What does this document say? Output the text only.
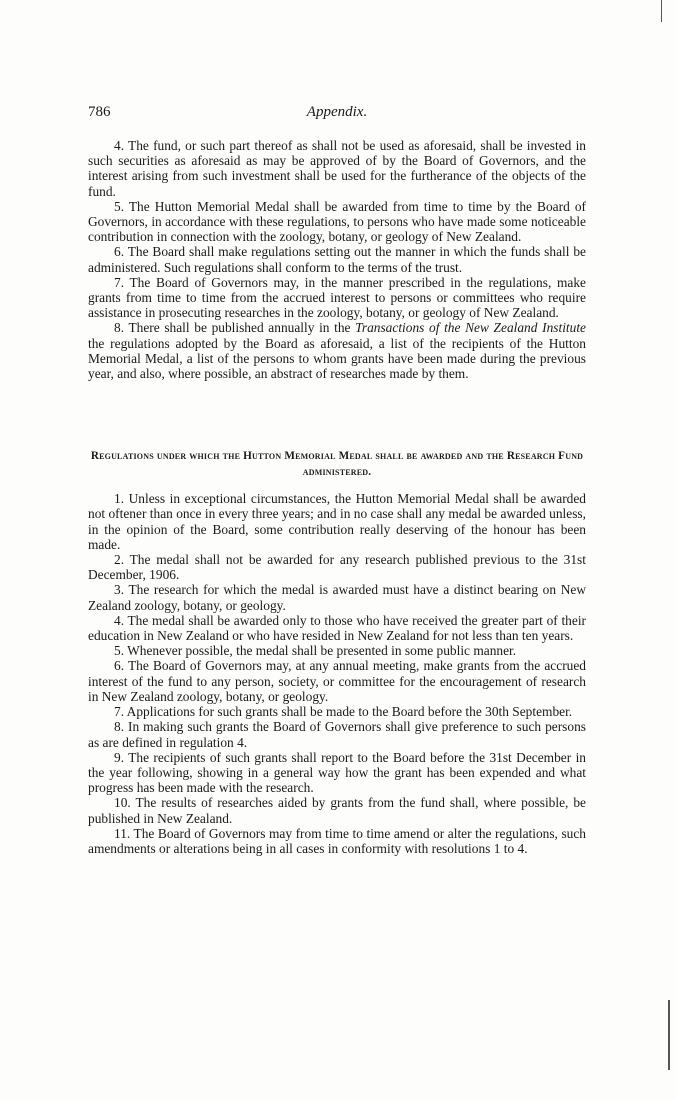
786	Appendix.

4. The fund, or such part thereof as shall not be used as aforesaid, shall be invested in such securities as aforesaid as may be approved of by the Board of Governors, and the interest arising from such investment shall be used for the furtherance of the objects of the fund.

5. The Hutton Memorial Medal shall be awarded from time to time by the Board of Governors, in accordance with these regulations, to persons who have made some noticeable contribution in connection with the zoology, botany, or geology of New Zealand.

6. The Board shall make regulations setting out the manner in which the funds shall be administered. Such regulations shall conform to the terms of the trust.

7. The Board of Governors may, in the manner prescribed in the regulations, make grants from time to time from the accrued interest to persons or committees who require assistance in prosecuting researches in the zoology, botany, or geology of New Zealand.

8. There shall be published annually in the Transactions of the New Zealand Institute the regulations adopted by the Board as aforesaid, a list of the recipients of the Hutton Memorial Medal, a list of the persons to whom grants have been made during the previous year, and also, where possible, an abstract of researches made by them.

Regulations under which the Hutton Memorial Medal shall be awarded and the Research Fund administered.

1. Unless in exceptional circumstances, the Hutton Memorial Medal shall be awarded not oftener than once in every three years; and in no case shall any medal be awarded unless, in the opinion of the Board, some contribution really deserving of the honour has been made.

2. The medal shall not be awarded for any research published previous to the 31st December, 1906.

3. The research for which the medal is awarded must have a distinct bearing on New Zealand zoology, botany, or geology.

4. The medal shall be awarded only to those who have received the greater part of their education in New Zealand or who have resided in New Zealand for not less than ten years.

5. Whenever possible, the medal shall be presented in some public manner.

6. The Board of Governors may, at any annual meeting, make grants from the accrued interest of the fund to any person, society, or committee for the encouragement of research in New Zealand zoology, botany, or geology.

7. Applications for such grants shall be made to the Board before the 30th September.

8. In making such grants the Board of Governors shall give preference to such persons as are defined in regulation 4.

9. The recipients of such grants shall report to the Board before the 31st December in the year following, showing in a general way how the grant has been expended and what progress has been made with the research.

10. The results of researches aided by grants from the fund shall, where possible, be published in New Zealand.

11. The Board of Governors may from time to time amend or alter the regulations, such amendments or alterations being in all cases in conformity with resolutions 1 to 4.
